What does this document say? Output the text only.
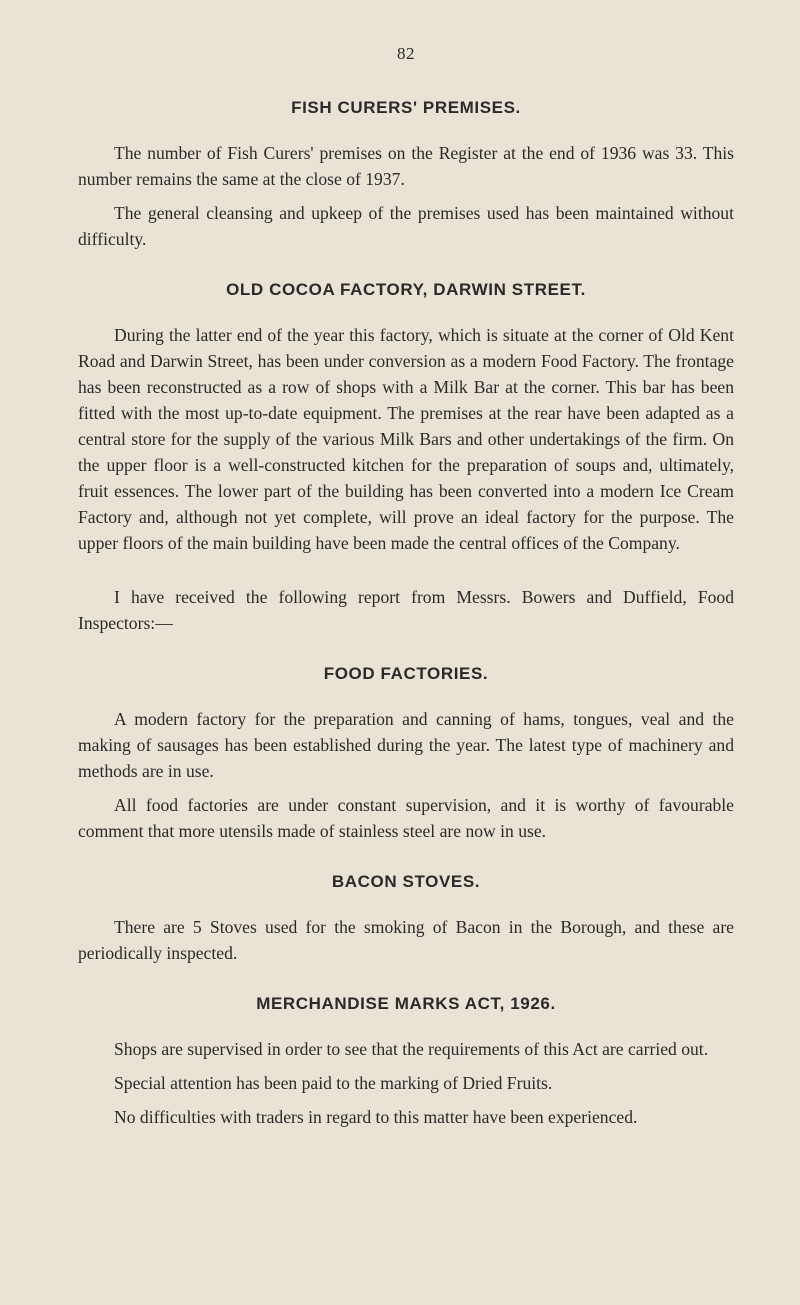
82
FISH CURERS' PREMISES.

The number of Fish Curers' premises on the Register at the end of 1936 was 33. This number remains the same at the close of 1937.

The general cleansing and upkeep of the premises used has been maintained without difficulty.

OLD COCOA FACTORY, DARWIN STREET.

During the latter end of the year this factory, which is situate at the corner of Old Kent Road and Darwin Street, has been under conversion as a modern Food Factory. The frontage has been reconstructed as a row of shops with a Milk Bar at the corner. This bar has been fitted with the most up-to-date equipment. The premises at the rear have been adapted as a central store for the supply of the various Milk Bars and other undertakings of the firm. On the upper floor is a well-constructed kitchen for the preparation of soups and, ultimately, fruit essences. The lower part of the building has been converted into a modern Ice Cream Factory and, although not yet complete, will prove an ideal factory for the purpose. The upper floors of the main building have been made the central offices of the Company.

I have received the following report from Messrs. Bowers and Duffield, Food Inspectors:—

FOOD FACTORIES.

A modern factory for the preparation and canning of hams, tongues, veal and the making of sausages has been established during the year. The latest type of machinery and methods are in use.

All food factories are under constant supervision, and it is worthy of favourable comment that more utensils made of stainless steel are now in use.

BACON STOVES.

There are 5 Stoves used for the smoking of Bacon in the Borough, and these are periodically inspected.

MERCHANDISE MARKS ACT, 1926.

Shops are supervised in order to see that the requirements of this Act are carried out.

Special attention has been paid to the marking of Dried Fruits.

No difficulties with traders in regard to this matter have been experienced.
